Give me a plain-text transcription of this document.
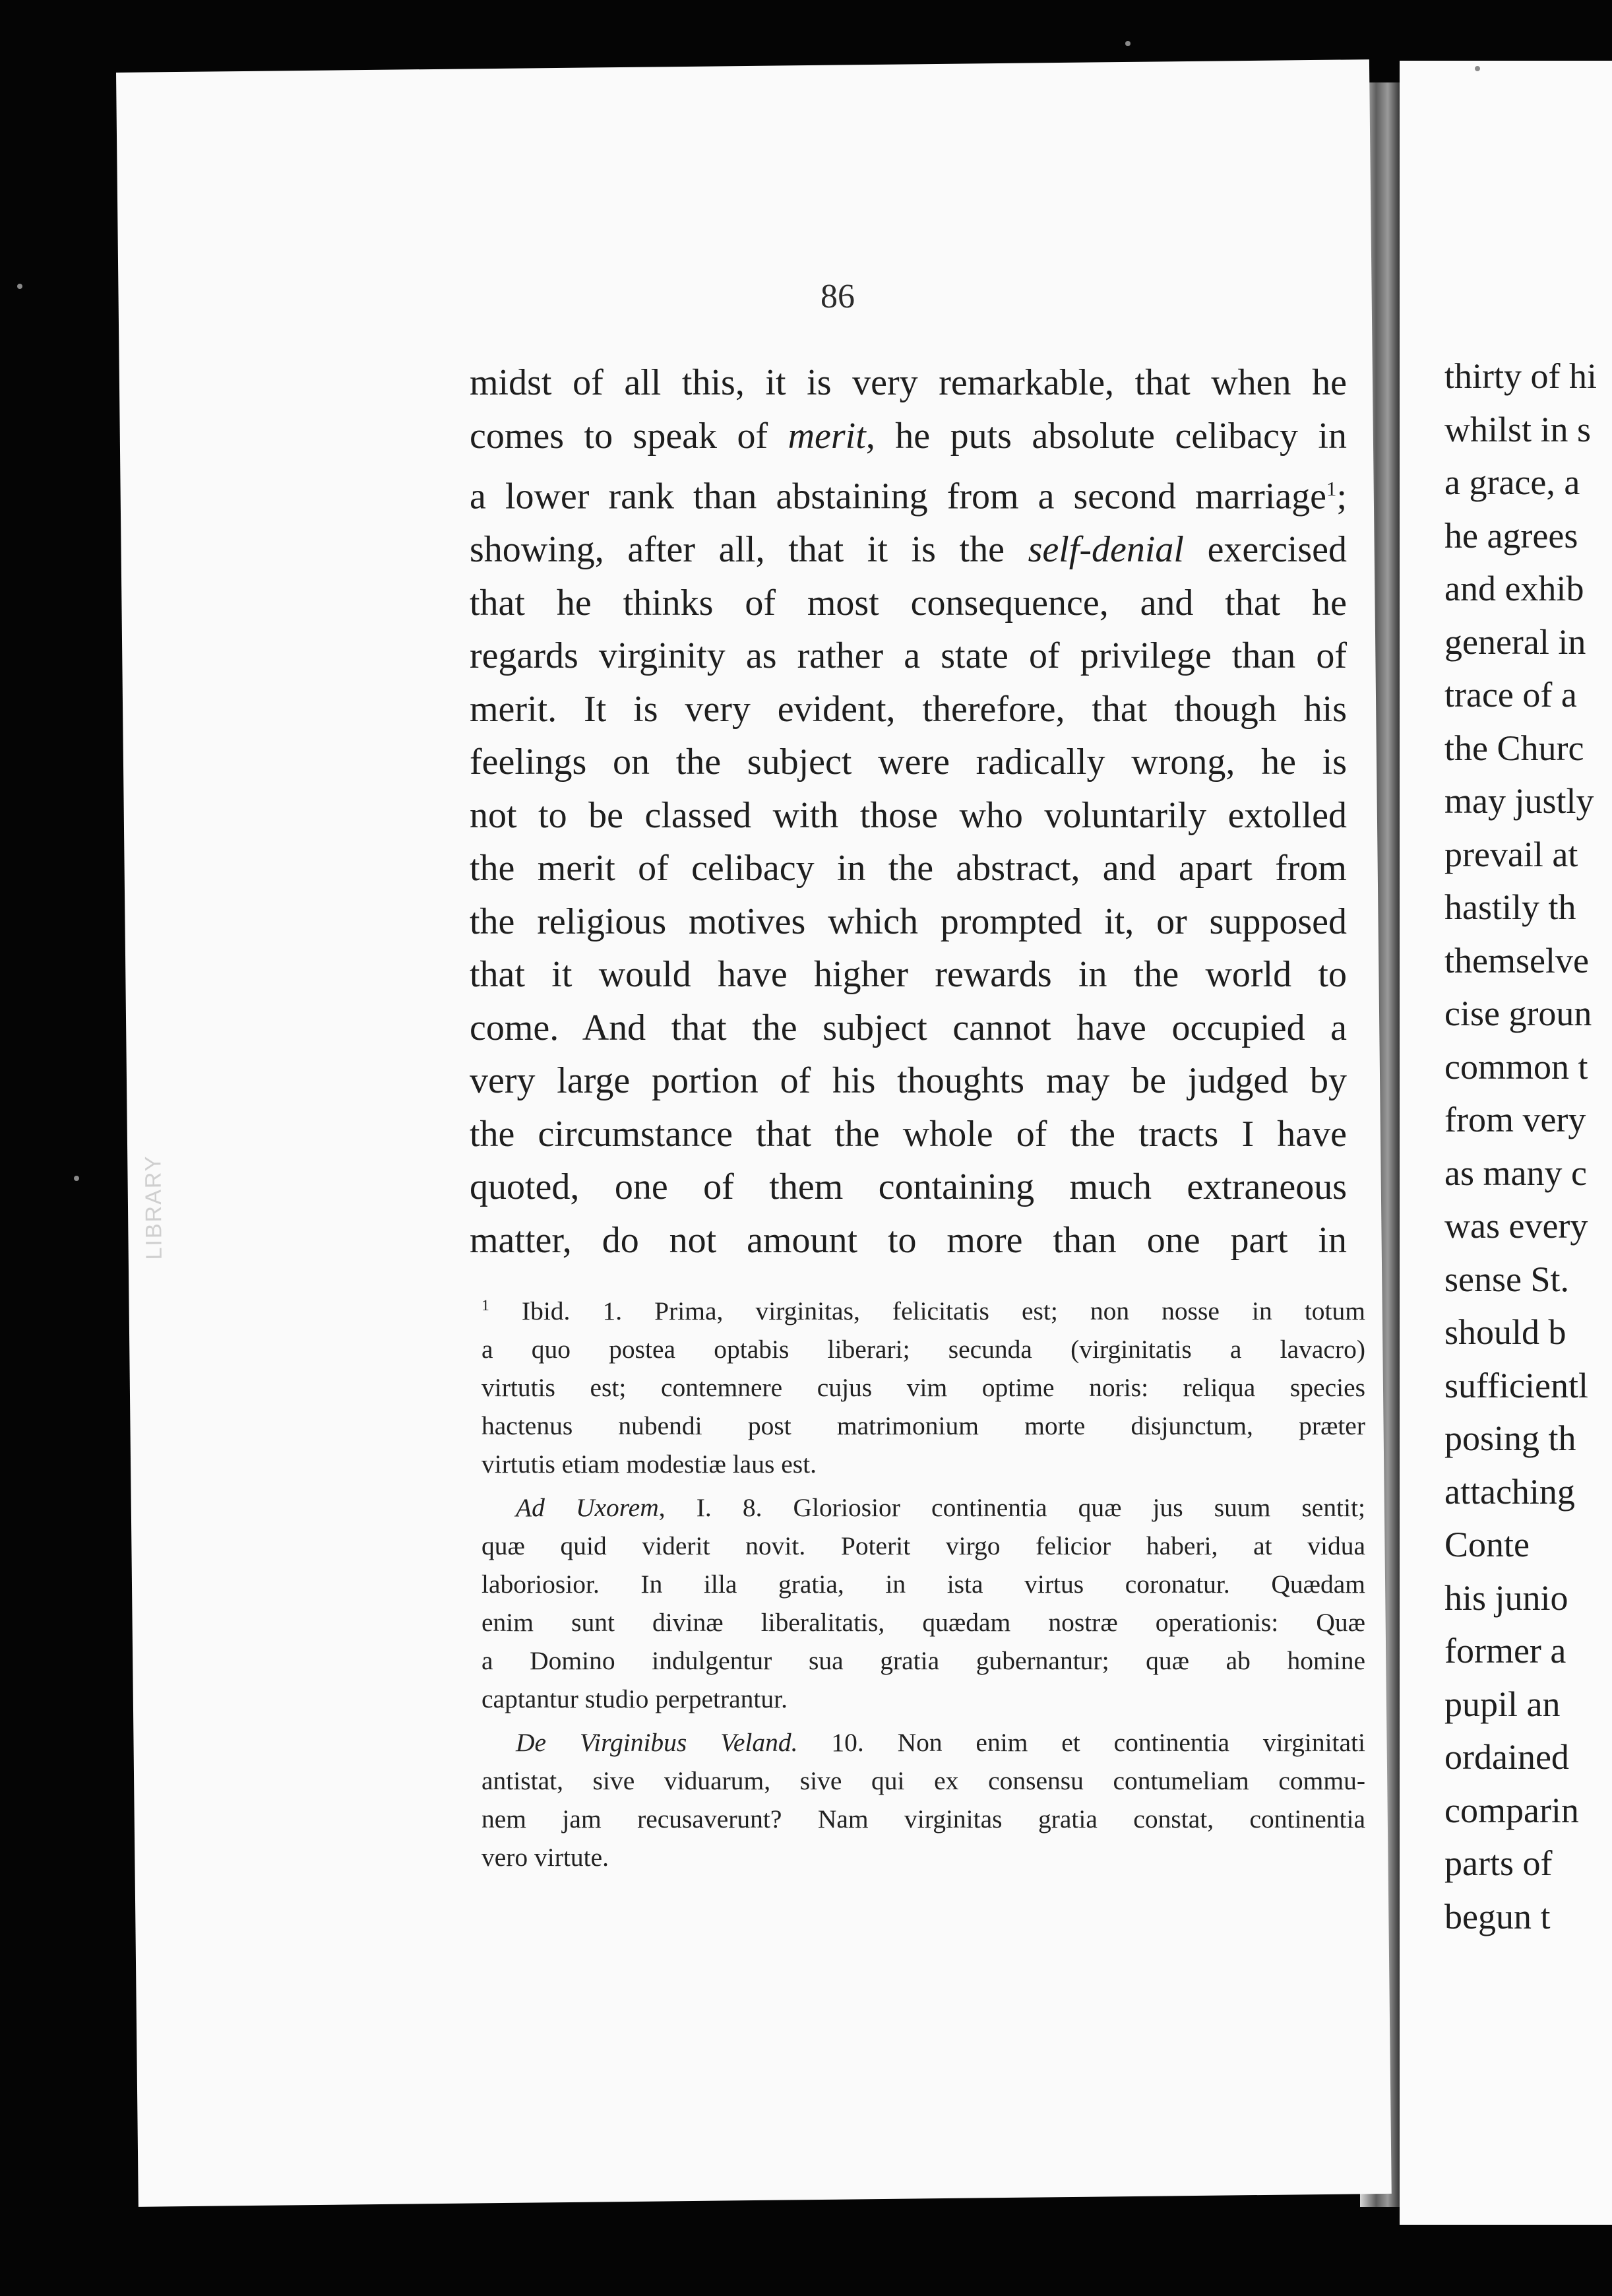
LIBRARY
86
midst of all this, it is very remarkable, that when he
comes to speak of merit, he puts absolute celibacy in
a lower rank than abstaining from a second marriage$^1$;
showing, after all, that it is the self-denial exercised
that he thinks of most consequence, and that he
regards virginity as rather a state of privilege than of
merit. It is very evident, therefore, that though his
feelings on the subject were radically wrong, he is
not to be classed with those who voluntarily extolled
the merit of celibacy in the abstract, and apart from
the religious motives which prompted it, or supposed
that it would have higher rewards in the world to
come. And that the subject cannot have occupied a
very large portion of his thoughts may be judged by
the circumstance that the whole of the tracts I have
quoted, one of them containing much extraneous
matter, do not amount to more than one part in
$^1$ Ibid. 1. Prima, virginitas, felicitatis est; non nosse in totum
a quo postea optabis liberari; secunda (virginitatis a lavacro)
virtutis est; contemnere cujus vim optime noris: reliqua species
hactenus nubendi post matrimonium morte disjunctum, præter
virtutis etiam modestiæ laus est.
Ad Uxorem, I. 8. Gloriosior continentia quæ jus suum sentit;
quæ quid viderit novit. Poterit virgo felicior haberi, at vidua
laboriosior. In illa gratia, in ista virtus coronatur. Quædam
enim sunt divinæ liberalitatis, quædam nostræ operationis: Quæ
a Domino indulgentur sua gratia gubernantur; quæ ab homine
captantur studio perpetrantur.
De Virginibus Veland. 10. Non enim et continentia virginitati
antistat, sive viduarum, sive qui ex consensu contumeliam commu-
nem jam recusaverunt? Nam virginitas gratia constat, continentia
vero virtute.
thirty of hi
whilst in s
a grace, a
he agrees
and exhib
general in
trace of a
the Churc
may justly
prevail at
hastily th
themselve
cise groun
common t
from very
as many c
was every
sense St.
should b
sufficientl
posing th
attaching
Conte
his junio
former a
pupil an
ordained
comparin
parts of
begun t
